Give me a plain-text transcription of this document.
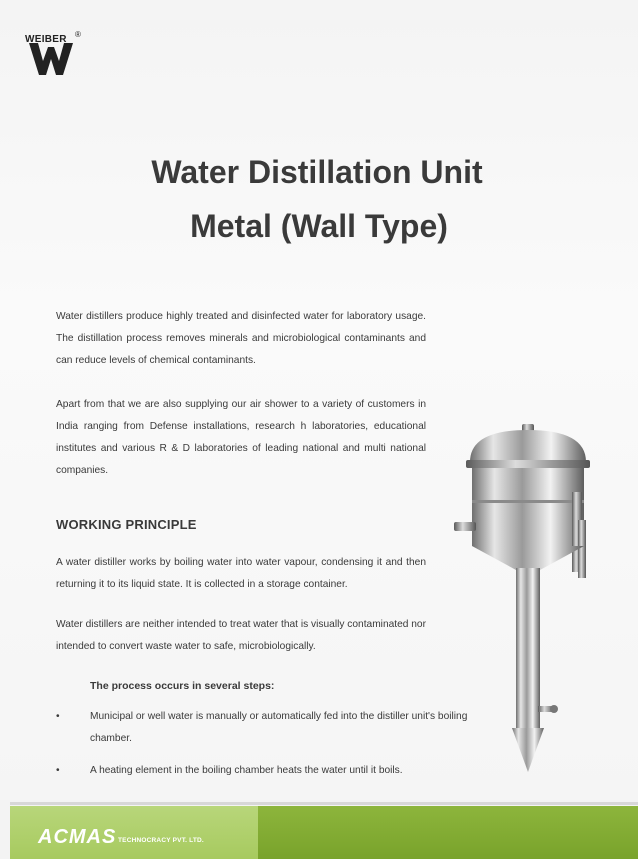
WEIBER ®
Water Distillation Unit
Metal (Wall Type)

Water distillers produce highly treated and disinfected water for laboratory usage. The distillation process removes minerals and microbiological contaminants and can reduce levels of chemical contaminants.

Apart from that we are also supplying our air shower to a variety of customers in India ranging from Defense installations, research h laboratories, educational institutes and various R & D laboratories of leading national and multi national companies.

WORKING PRINCIPLE

A water distiller works by boiling water into water vapour, condensing it and then returning it to its liquid state. It is collected in a storage container.

Water distillers are neither intended to treat water that is visually contaminated nor intended to convert waste water to safe, microbiologically.

The process occurs in several steps:

•	Municipal or well water is manually or automatically fed into the distiller unit's boiling chamber.
•	A heating element in the boiling chamber heats the water until it boils.
ACMAS TECHNOCRACY PVT. LTD.
